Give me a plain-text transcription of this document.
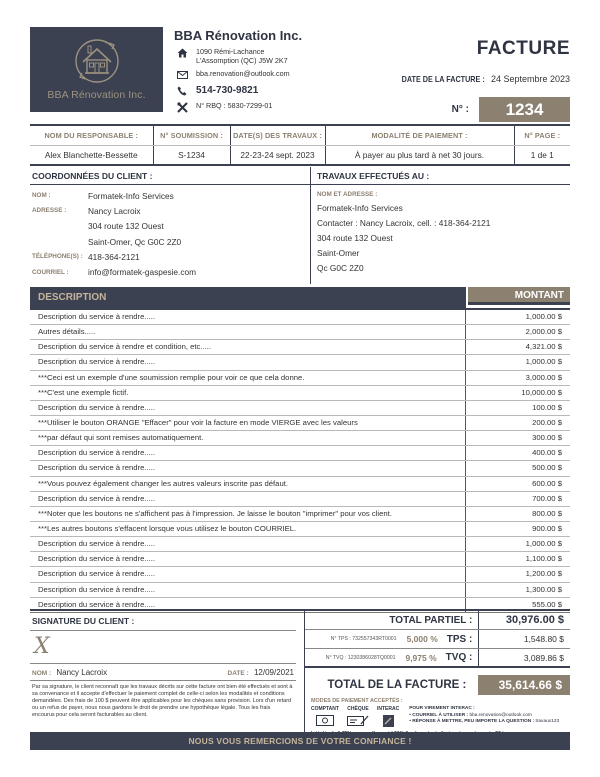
BBA Rénovation Inc.
BBA Rénovation Inc.
1090 Rémi-Lachance
L'Assomption (QC) J5W 2K7
bba.renovation@outlook.com
514-730-9821
N° RBQ : 5830-7299-01
FACTURE
DATE DE LA FACTURE : 24 Septembre 2023
N° :	1234
NOM DU RESPONSABLE :	N° SOUMISSION :	DATE(S) DES TRAVAUX :	MODALITÉ DE PAIEMENT :	N° PAGE :
Alex Blanchette-Bessette	S-1234	22-23-24 sept. 2023	À payer au plus tard à net 30 jours.	1 de 1
COORDONNÉES DU CLIENT :
NOM :	Formatek-Info Services
ADRESSE :	Nancy Lacroix
304 route 132 Ouest
Saint-Omer, Qc G0C 2Z0
TÉLÉPHONE(S) : 418-364-2121
COURRIEL :	info@formatek-gaspesie.com
TRAVAUX EFFECTUÉS AU :
NOM ET ADRESSE :
Formatek-Info Services
Contacter : Nancy Lacroix, cell. : 418-364-2121
304 route 132 Ouest
Saint-Omer
Qc G0C 2Z0
DESCRIPTION	MONTANT
Description du service à rendre.....	1,000.00 $
Autres détails.....	2,000.00 $
Description du service à rendre et condition, etc.....	4,321.00 $
Description du service à rendre.....	1,000.00 $
***Ceci est un exemple d'une soumission remplie pour voir ce que cela donne.	3,000.00 $
***C'est une exemple fictif.	10,000.00 $
Description du service à rendre.....	100.00 $
***Utiliser le bouton ORANGE "Effacer" pour voir la facture en mode VIERGE avec les valeurs	200.00 $
***par défaut qui sont remises automatiquement.	300.00 $
Description du service à rendre.....	400.00 $
Description du service à rendre.....	500.00 $
***Vous pouvez également changer les autres valeurs inscrite pas défaut.	600.00 $
Description du service à rendre.....	700.00 $
***Noter que les boutons ne s'affichent pas à l'impression. Je laisse le bouton "imprimer" pour vos client.	800.00 $
***Les autres boutons s'effacent lorsque vous utilisez le bouton COURRIEL.	900.00 $
Description du service à rendre.....	1,000.00 $
Description du service à rendre.....	1,100.00 $
Description du service à rendre.....	1,200.00 $
Description du service à rendre.....	1,300.00 $
Description du service à rendre.....	555.00 $
SIGNATURE DU CLIENT :
X
NOM : Nancy Lacroix	DATE : 12/09/2021
Par sa signature, le client reconnaît que les travaux décrits sur cette facture ont bien été effectués et sont à sa convenance et il accepte d'effectuer le paiement complet de celle-ci selon les modalités et conditions demandées. Des frais de 100 $ peuvent être applicables pour les chèques sans provision. Lors d'un retard ou un refus de payer, nous nous gardons le droit de prendre une hypothèque légale. Tous les frais encourus pour cela seront facturables au client.
TOTAL PARTIEL :	30,976.00 $
N° TPS : 732557343RT0001 5,000 % TPS :	1,548.80 $
N° TVQ : 1230386028TQ0001 9,975 % TVQ :	3,089.86 $
TOTAL DE LA FACTURE :	35,614.66 $
MODES DE PAIEMENT ACCEPTÉS :
COMPTANT CHÈQUE INTERAC POUR VIREMENT INTERAC :
• COURRIEL À UTILISER : bba.renovation@outlook.com
• RÉPONSE À METTRE, PEU IMPORTE LA QUESTION : travaux123
NOUS VOUS REMERCIONS DE VOTRE CONFIANCE !
